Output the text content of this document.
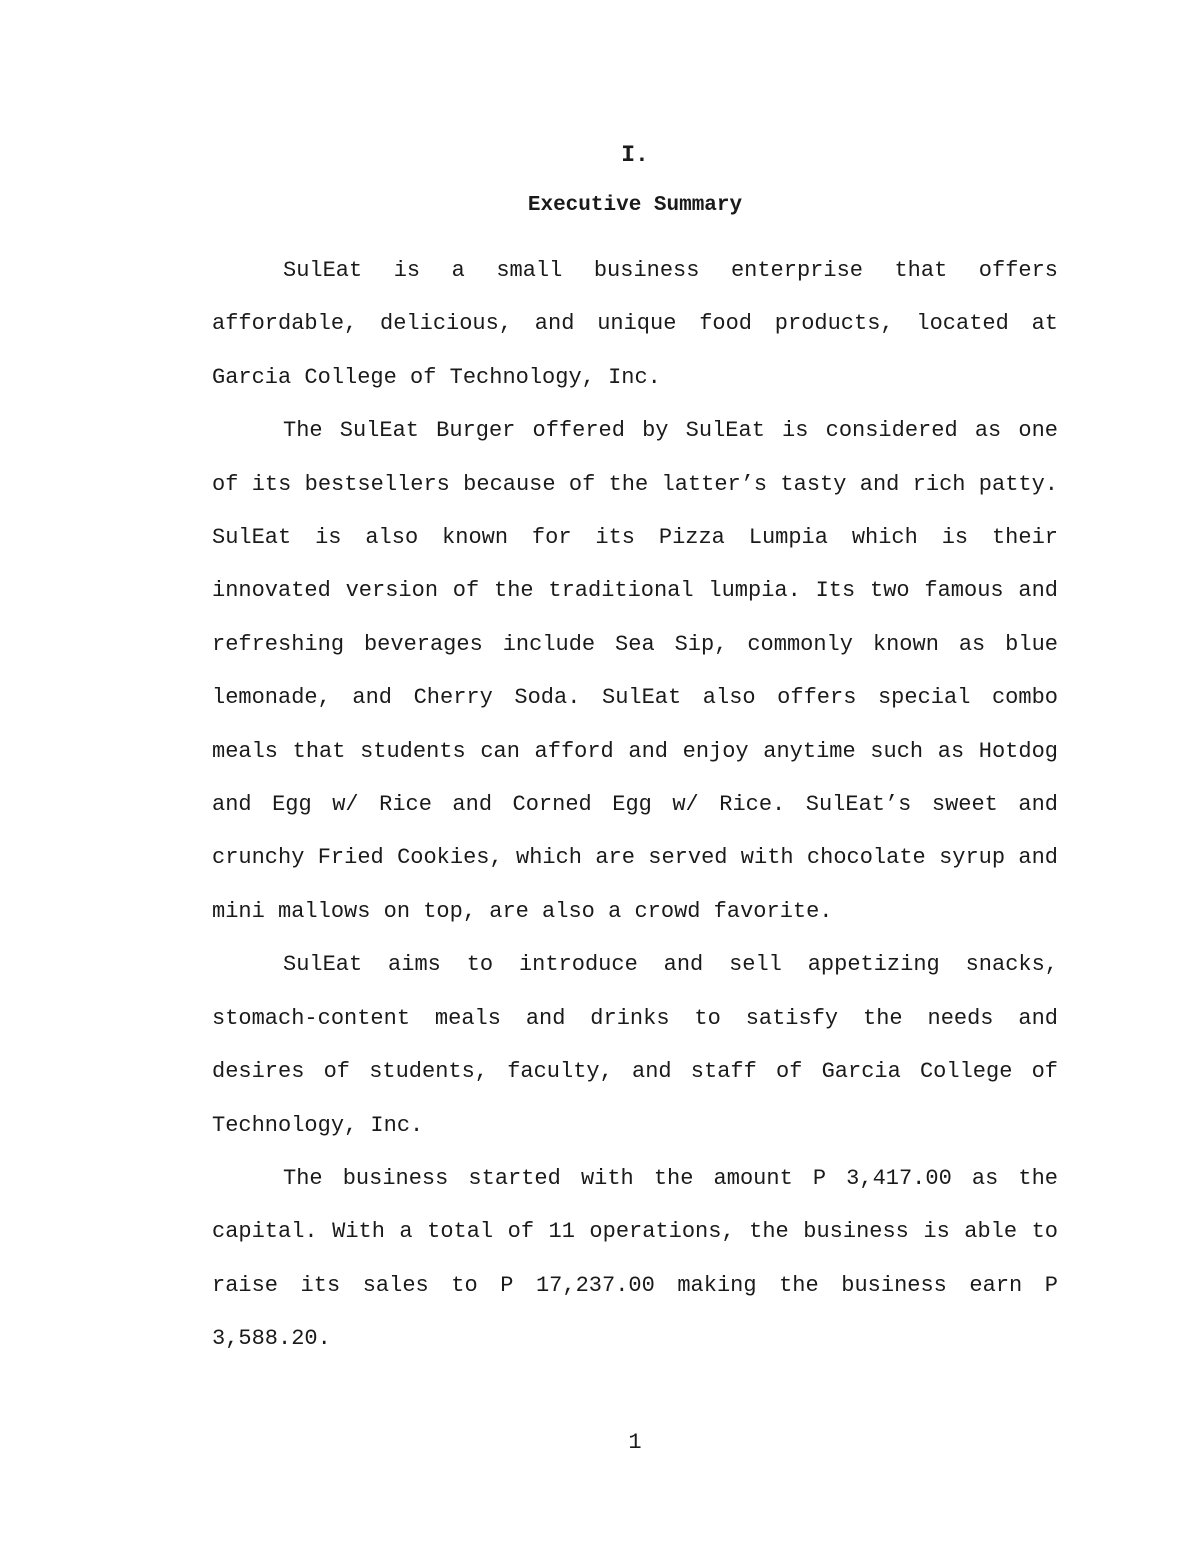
I.
Executive Summary

SulEat is a small business enterprise that offers affordable, delicious, and unique food products, located at Garcia College of Technology, Inc.

The SulEat Burger offered by SulEat is considered as one of its bestsellers because of the latter’s tasty and rich patty. SulEat is also known for its Pizza Lumpia which is their innovated version of the traditional lumpia. Its two famous and refreshing beverages include Sea Sip, commonly known as blue lemonade, and Cherry Soda. SulEat also offers special combo meals that students can afford and enjoy anytime such as Hotdog and Egg w/ Rice and Corned Egg w/ Rice. SulEat’s sweet and crunchy Fried Cookies, which are served with chocolate syrup and mini mallows on top, are also a crowd favorite.

SulEat aims to introduce and sell appetizing snacks, stomach-content meals and drinks to satisfy the needs and desires of students, faculty, and staff of Garcia College of Technology, Inc.

The business started with the amount P 3,417.00 as the capital. With a total of 11 operations, the business is able to raise its sales to P 17,237.00 making the business earn P 3,588.20.

1
